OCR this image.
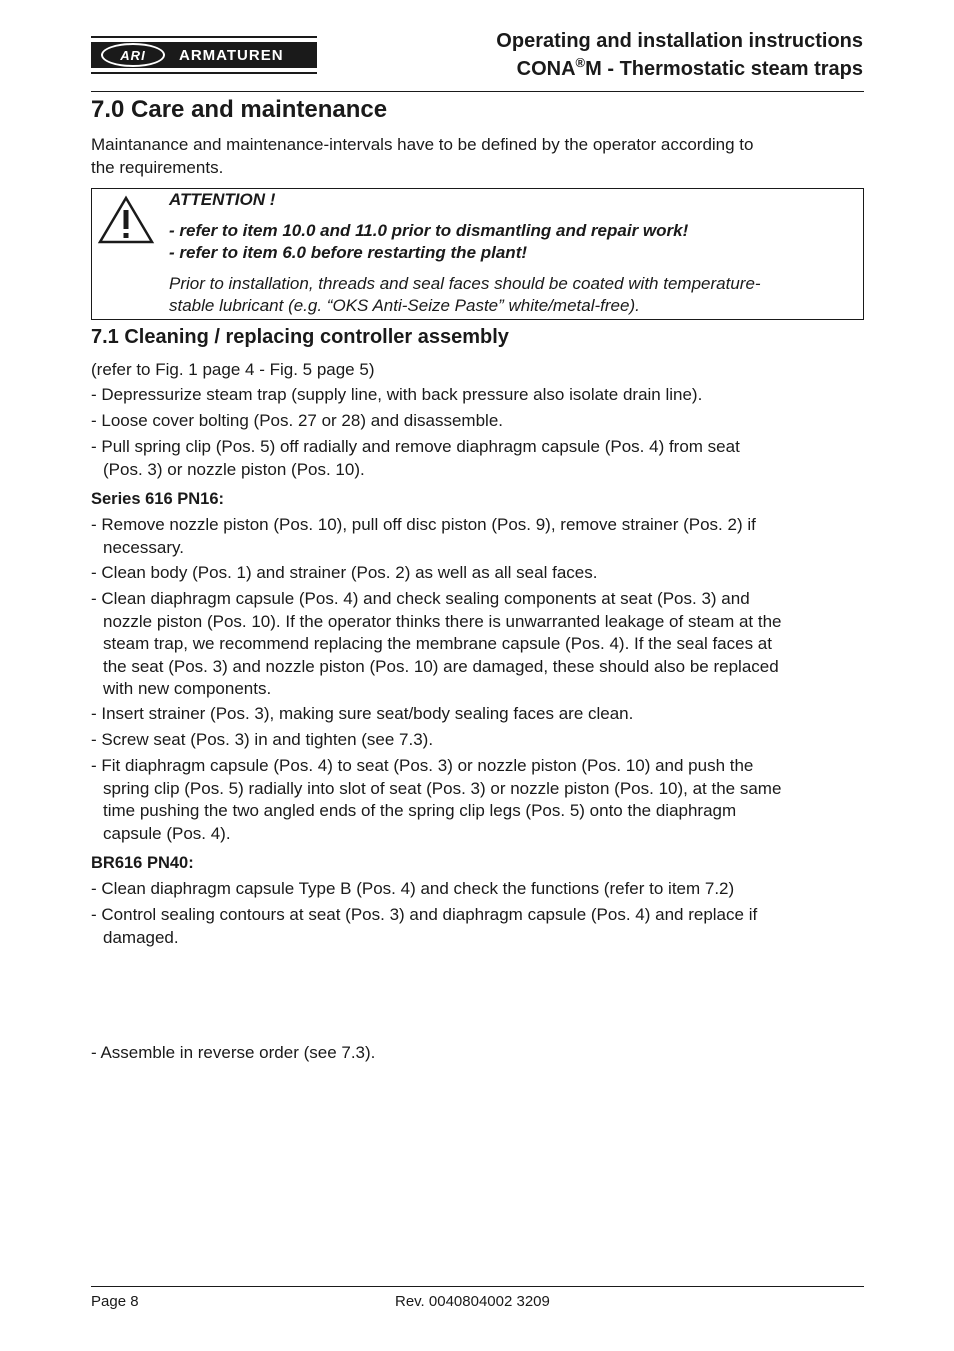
ARI	ARMATUREN
Operating and installation instructions
CONA®M - Thermostatic steam traps
7.0 Care and maintenance
Maintanance and maintenance-intervals have to be defined by the operator according to
the requirements.
ATTENTION !
- refer to item 10.0 and 11.0 prior to dismantling and repair work!
- refer to item 6.0 before restarting the plant!
Prior to installation, threads and seal faces should be coated with temperature-
stable lubricant (e.g. “OKS Anti-Seize Paste” white/metal-free).
7.1 Cleaning / replacing controller assembly
(refer to Fig. 1 page 4 - Fig. 5 page 5)
- Depressurize steam trap (supply line, with back pressure also isolate drain line).
- Loose cover bolting (Pos. 27 or 28) and disassemble.
- Pull spring clip (Pos. 5) off radially and remove diaphragm capsule (Pos. 4) from seat
(Pos. 3) or nozzle piston (Pos. 10).
Series 616 PN16:
- Remove nozzle piston (Pos. 10), pull off disc piston (Pos. 9), remove strainer (Pos. 2) if
necessary.
- Clean body (Pos. 1) and strainer (Pos. 2) as well as all seal faces.
- Clean diaphragm capsule (Pos. 4) and check sealing components at seat (Pos. 3) and
nozzle piston (Pos. 10). If the operator thinks there is unwarranted leakage of steam at the
steam trap, we recommend replacing the membrane capsule (Pos. 4). If the seal faces at
the seat (Pos. 3) and nozzle piston (Pos. 10) are damaged, these should also be replaced
with new components.
- Insert strainer (Pos. 3), making sure seat/body sealing faces are clean.
- Screw seat (Pos. 3) in and tighten (see 7.3).
- Fit diaphragm capsule (Pos. 4) to seat (Pos. 3) or nozzle piston (Pos. 10) and push the
spring clip (Pos. 5) radially into slot of seat (Pos. 3) or nozzle piston (Pos. 10), at the same
time pushing the two angled ends of the spring clip legs (Pos. 5) onto the diaphragm
capsule (Pos. 4).
BR616 PN40:
- Clean diaphragm capsule Type B (Pos. 4) and check the functions (refer to item 7.2)
- Control sealing contours at seat (Pos. 3) and diaphragm capsule (Pos. 4) and replace if
damaged.
- Assemble in reverse order (see 7.3).
Page 8	Rev. 0040804002 3209
